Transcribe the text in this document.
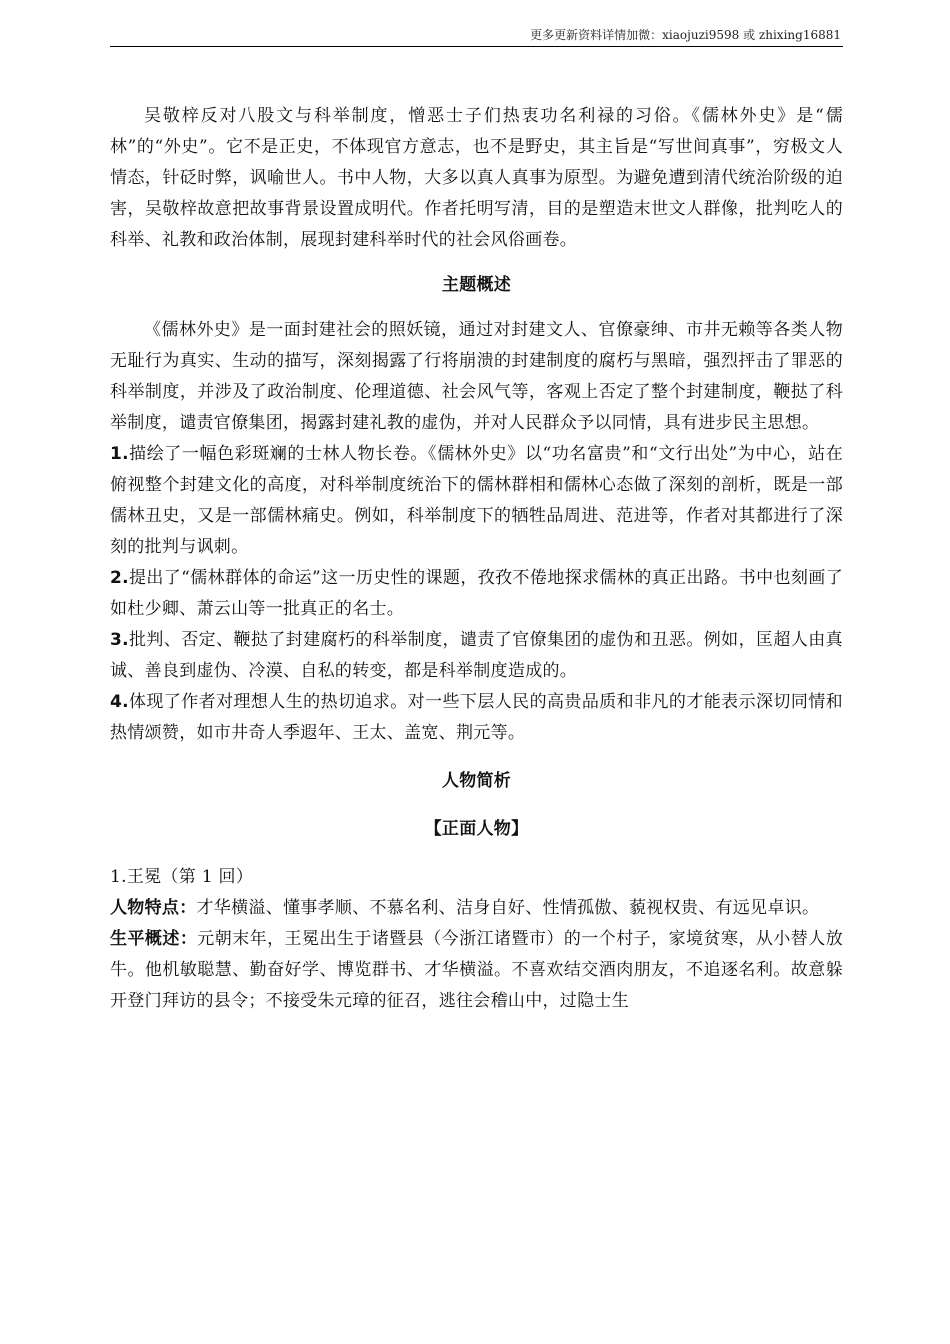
更多更新资料详情加微：xiaojuzi9598 或 zhixing16881

吴敬梓反对八股文与科举制度，憎恶士子们热衷功名利禄的习俗。《儒林外史》是“儒林”的“外史”。它不是正史，不体现官方意志，也不是野史，其主旨是“写世间真事”，穷极文人情态，针砭时弊，讽喻世人。书中人物，大多以真人真事为原型。为避免遭到清代统治阶级的迫害，吴敬梓故意把故事背景设置成明代。作者托明写清，目的是塑造末世文人群像，批判吃人的科举、礼教和政治体制，展现封建科举时代的社会风俗画卷。

主题概述

《儒林外史》是一面封建社会的照妖镜，通过对封建文人、官僚豪绅、市井无赖等各类人物无耻行为真实、生动的描写，深刻揭露了行将崩溃的封建制度的腐朽与黑暗，强烈抨击了罪恶的科举制度，并涉及了政治制度、伦理道德、社会风气等，客观上否定了整个封建制度，鞭挞了科举制度，谴责官僚集团，揭露封建礼教的虚伪，并对人民群众予以同情，具有进步民主思想。

1.描绘了一幅色彩斑斓的士林人物长卷。《儒林外史》以“功名富贵”和“文行出处”为中心，站在俯视整个封建文化的高度，对科举制度统治下的儒林群相和儒林心态做了深刻的剖析，既是一部儒林丑史，又是一部儒林痛史。例如，科举制度下的牺牲品周进、范进等，作者对其都进行了深刻的批判与讽刺。

2.提出了“儒林群体的命运”这一历史性的课题，孜孜不倦地探求儒林的真正出路。书中也刻画了如杜少卿、萧云山等一批真正的名士。

3.批判、否定、鞭挞了封建腐朽的科举制度，谴责了官僚集团的虚伪和丑恶。例如，匡超人由真诚、善良到虚伪、冷漠、自私的转变，都是科举制度造成的。

4.体现了作者对理想人生的热切追求。对一些下层人民的高贵品质和非凡的才能表示深切同情和热情颂赞，如市井奇人季遐年、王太、盖宽、荆元等。

人物简析
【正面人物】

1.王冕（第 1 回）

人物特点：才华横溢、懂事孝顺、不慕名利、洁身自好、性情孤傲、藐视权贵、有远见卓识。

生平概述：元朝末年，王冕出生于诸暨县（今浙江诸暨市）的一个村子，家境贫寒，从小替人放牛。他机敏聪慧、勤奋好学、博览群书、才华横溢。不喜欢结交酒肉朋友，不追逐名利。故意躲开登门拜访的县令；不接受朱元璋的征召，逃往会稽山中，过隐士生
